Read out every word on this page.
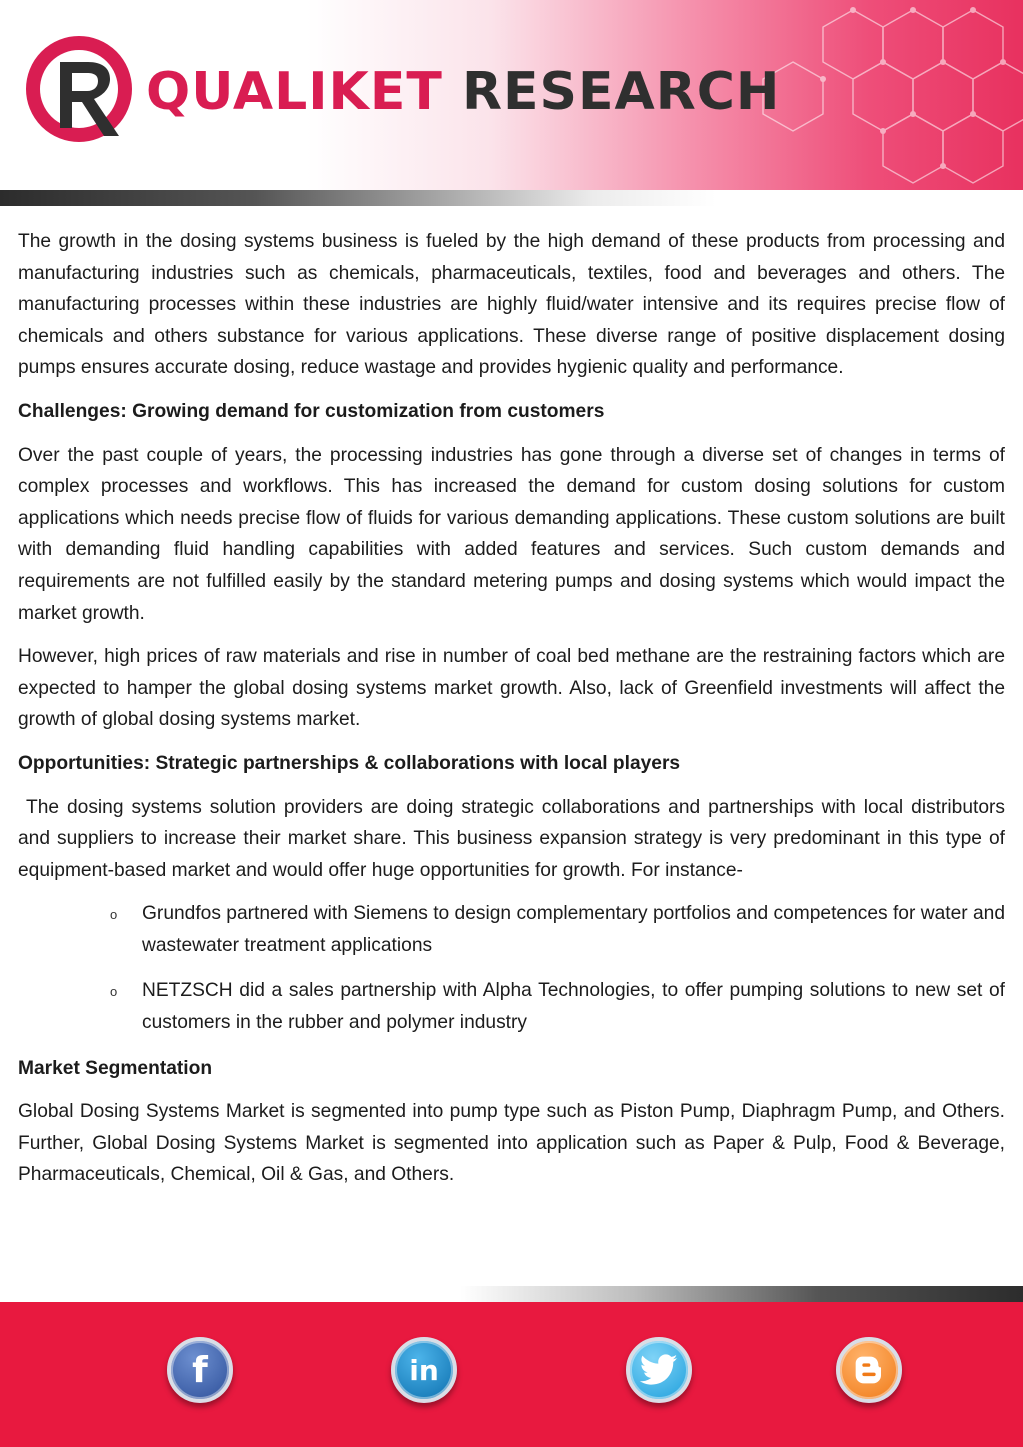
QUALIKET RESEARCH

The growth in the dosing systems business is fueled by the high demand of these products from processing and manufacturing industries such as chemicals, pharmaceuticals, textiles, food and beverages and others. The manufacturing processes within these industries are highly fluid/water intensive and its requires precise flow of chemicals and others substance for various applications. These diverse range of positive displacement dosing pumps ensures accurate dosing, reduce wastage and provides hygienic quality and performance.

Challenges: Growing demand for customization from customers

Over the past couple of years, the processing industries has gone through a diverse set of changes in terms of complex processes and workflows. This has increased the demand for custom dosing solutions for custom applications which needs precise flow of fluids for various demanding applications. These custom solutions are built with demanding fluid handling capabilities with added features and services. Such custom demands and requirements are not fulfilled easily by the standard metering pumps and dosing systems which would impact the market growth.

However, high prices of raw materials and rise in number of coal bed methane are the restraining factors which are expected to hamper the global dosing systems market growth. Also, lack of Greenfield investments will affect the growth of global dosing systems market.

Opportunities: Strategic partnerships & collaborations with local players

The dosing systems solution providers are doing strategic collaborations and partnerships with local distributors and suppliers to increase their market share. This business expansion strategy is very predominant in this type of equipment-based market and would offer huge opportunities for growth. For instance-

o Grundfos partnered with Siemens to design complementary portfolios and competences for water and wastewater treatment applications
o NETZSCH did a sales partnership with Alpha Technologies, to offer pumping solutions to new set of customers in the rubber and polymer industry

Market Segmentation

Global Dosing Systems Market is segmented into pump type such as Piston Pump, Diaphragm Pump, and Others. Further, Global Dosing Systems Market is segmented into application such as Paper & Pulp, Food & Beverage, Pharmaceuticals, Chemical, Oil & Gas, and Others.

f	in
